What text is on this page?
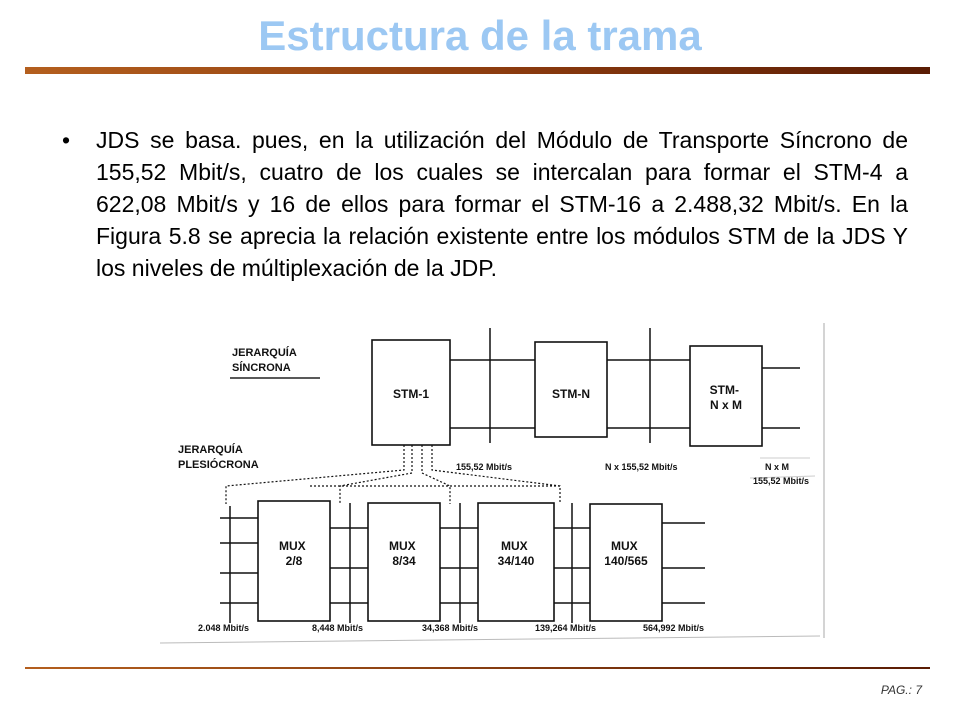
Estructura de la trama
•	JDS se basa. pues, en la utilización del Módulo de Transporte Síncrono de 155,52 Mbit/s, cuatro de los cuales se intercalan para formar el STM-4 a 622,08 Mbit/s y 16 de ellos para formar el STM-16 a 2.488,32 Mbit/s. En la Figura 5.8 se aprecia la relación existente entre los módulos STM de la JDS Y los niveles de múltiplexación de la JDP.
JERARQUÍA SÍNCRONA
STM-1	STM-N	STM- N x M
155,52 Mbit/s	N x 155,52 Mbit/s	N x M 155,52 Mbit/s
JERARQUÍA PLESIÓCRONA
MUX 2/8
MUX 8/34
MUX 34/140
MUX 140/565
2.048 Mbit/s	8,448 Mbit/s	34,368 Mbit/s	139,264 Mbit/s	564,992 Mbit/s
PAG.: 7
